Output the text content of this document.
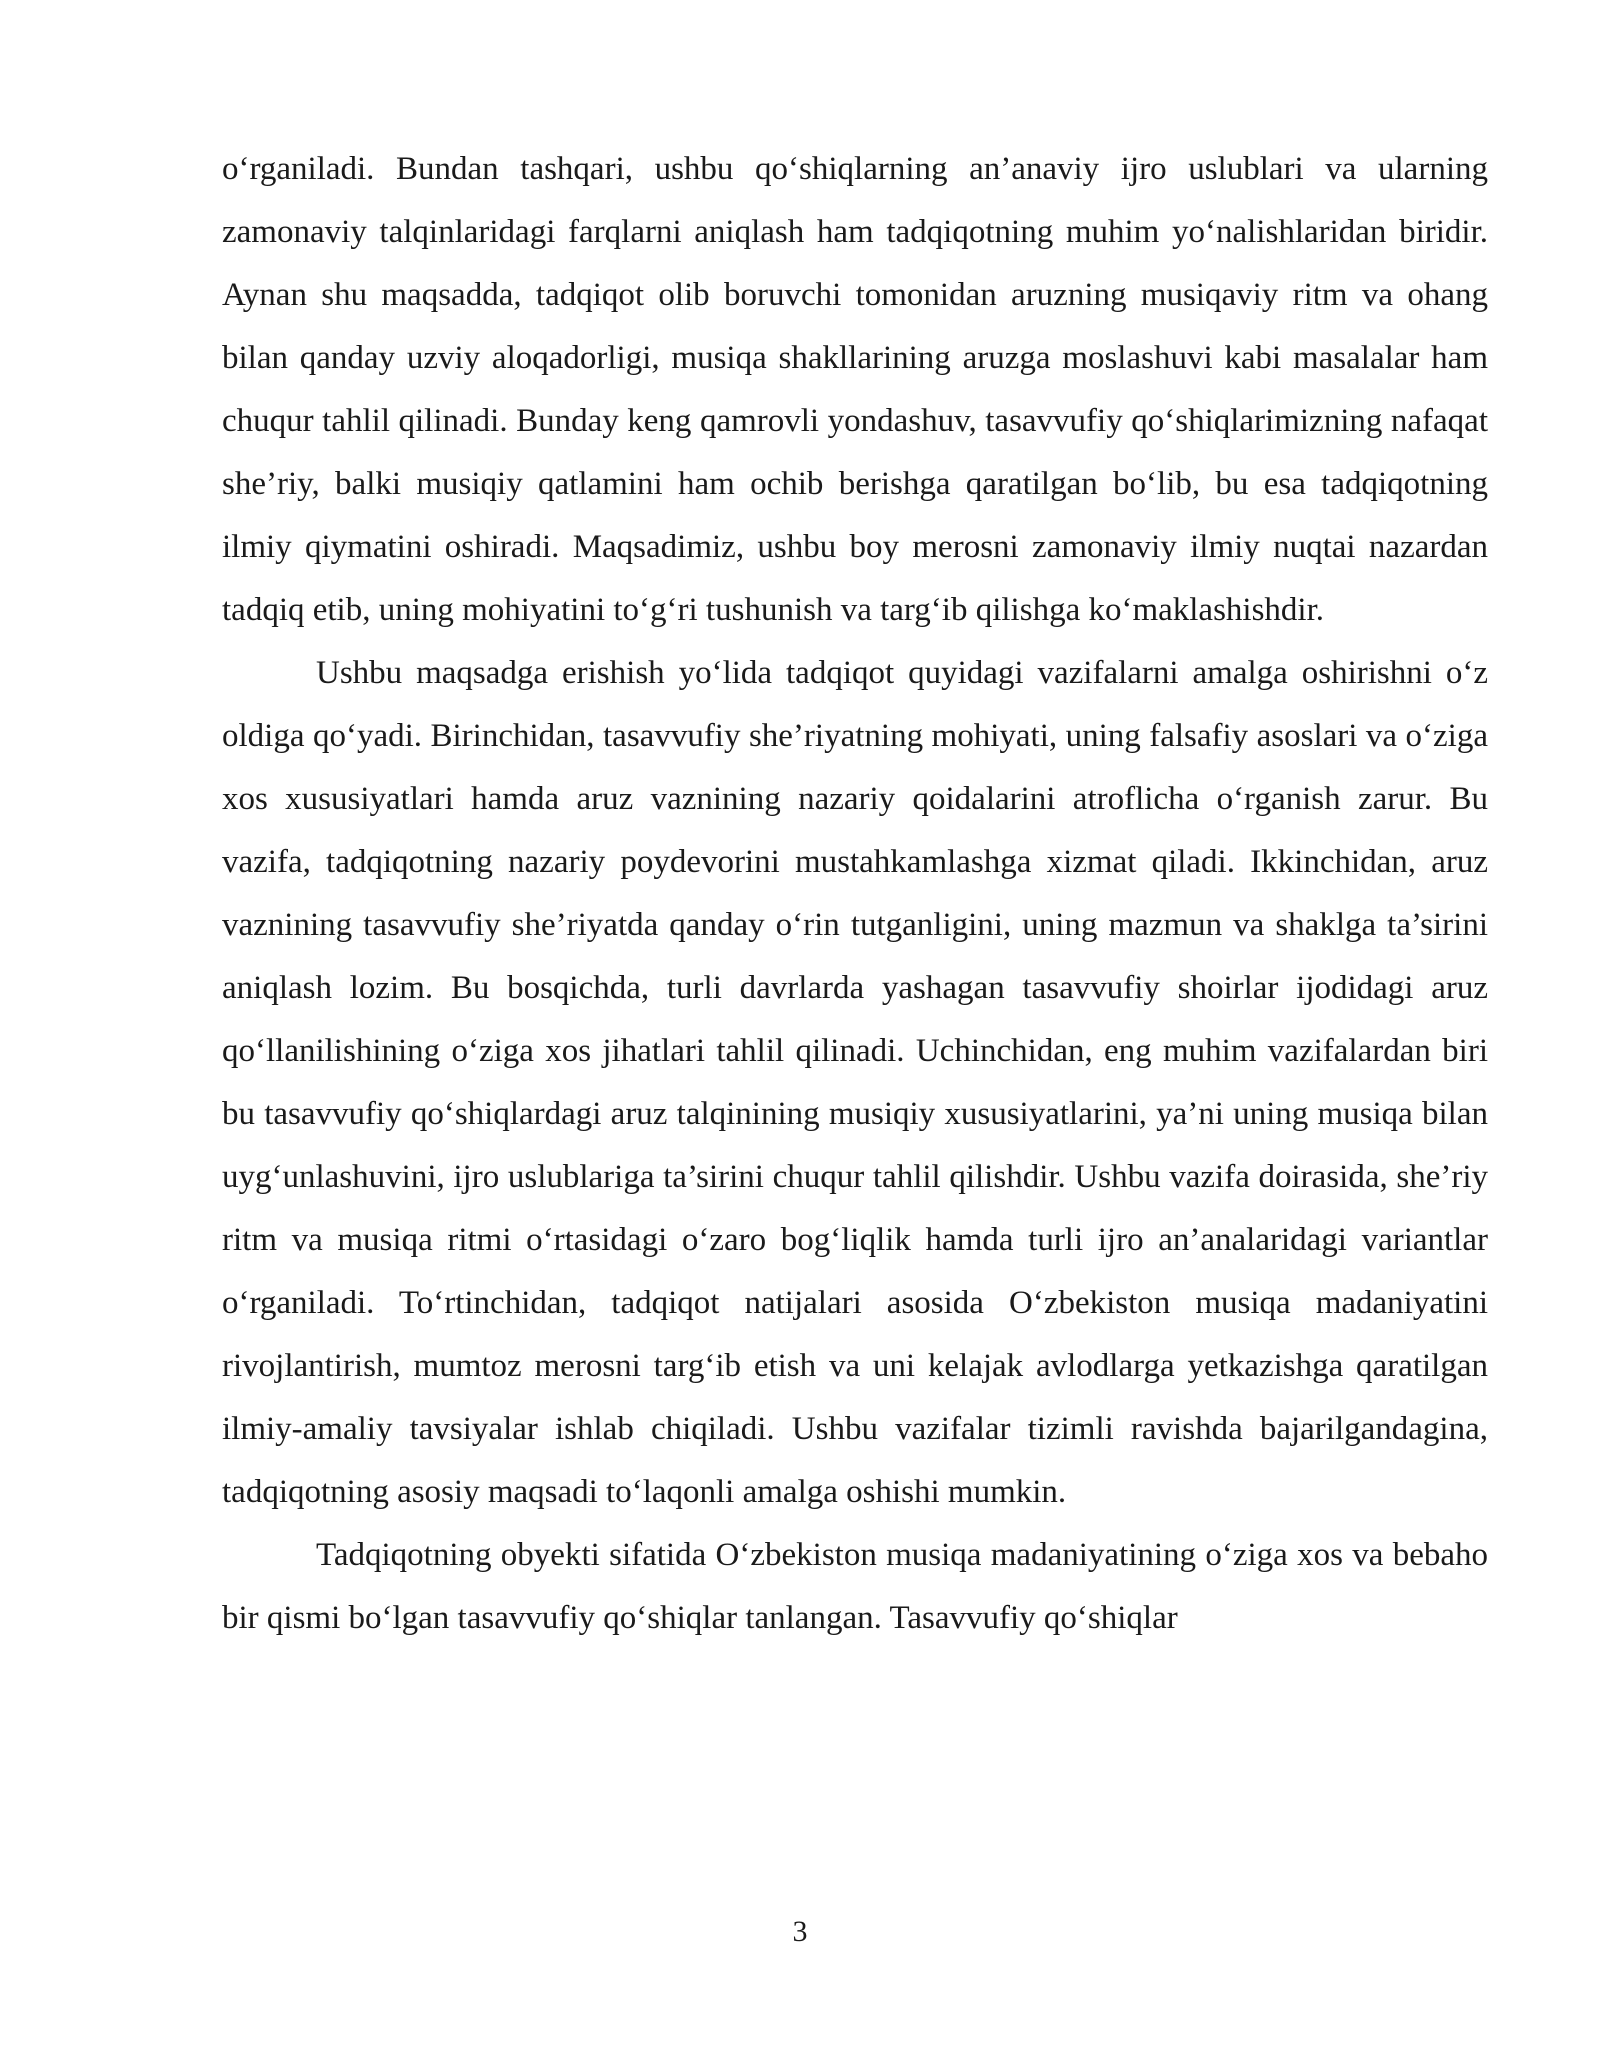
o‘rganiladi. Bundan tashqari, ushbu qo‘shiqlarning an’anaviy ijro uslublari va ularning zamonaviy talqinlaridagi farqlarni aniqlash ham tadqiqotning muhim yo‘nalishlaridan biridir. Aynan shu maqsadda, tadqiqot olib boruvchi tomonidan aruzning musiqaviy ritm va ohang bilan qanday uzviy aloqadorligi, musiqa shakllarining aruzga moslashuvi kabi masalalar ham chuqur tahlil qilinadi. Bunday keng qamrovli yondashuv, tasavvufiy qo‘shiqlarimizning nafaqat she’riy, balki musiqiy qatlamini ham ochib berishga qaratilgan bo‘lib, bu esa tadqiqotning ilmiy qiymatini oshiradi. Maqsadimiz, ushbu boy merosni zamonaviy ilmiy nuqtai nazardan tadqiq etib, uning mohiyatini to‘g‘ri tushunish va targ‘ib qilishga ko‘maklashishdir.

Ushbu maqsadga erishish yo‘lida tadqiqot quyidagi vazifalarni amalga oshirishni o‘z oldiga qo‘yadi. Birinchidan, tasavvufiy she’riyatning mohiyati, uning falsafiy asoslari va o‘ziga xos xususiyatlari hamda aruz vaznining nazariy qoidalarini atroflicha o‘rganish zarur. Bu vazifa, tadqiqotning nazariy poydevorini mustahkamlashga xizmat qiladi. Ikkinchidan, aruz vaznining tasavvufiy she’riyatda qanday o‘rin tutganligini, uning mazmun va shaklga ta’sirini aniqlash lozim. Bu bosqichda, turli davrlarda yashagan tasavvufiy shoirlar ijodidagi aruz qo‘llanilishining o‘ziga xos jihatlari tahlil qilinadi. Uchinchidan, eng muhim vazifalardan biri bu tasavvufiy qo‘shiqlardagi aruz talqinining musiqiy xususiyatlarini, ya’ni uning musiqa bilan uyg‘unlashuvini, ijro uslublariga ta’sirini chuqur tahlil qilishdir. Ushbu vazifa doirasida, she’riy ritm va musiqa ritmi o‘rtasidagi o‘zaro bog‘liqlik hamda turli ijro an’analaridagi variantlar o‘rganiladi. To‘rtinchidan, tadqiqot natijalari asosida O‘zbekiston musiqa madaniyatini rivojlantirish, mumtoz merosni targ‘ib etish va uni kelajak avlodlarga yetkazishga qaratilgan ilmiy-amaliy tavsiyalar ishlab chiqiladi. Ushbu vazifalar tizimli ravishda bajarilgandagina, tadqiqotning asosiy maqsadi to‘laqonli amalga oshishi mumkin.

Tadqiqotning obyekti sifatida O‘zbekiston musiqa madaniyatining o‘ziga xos va bebaho bir qismi bo‘lgan tasavvufiy qo‘shiqlar tanlangan. Tasavvufiy qo‘shiqlar

3
